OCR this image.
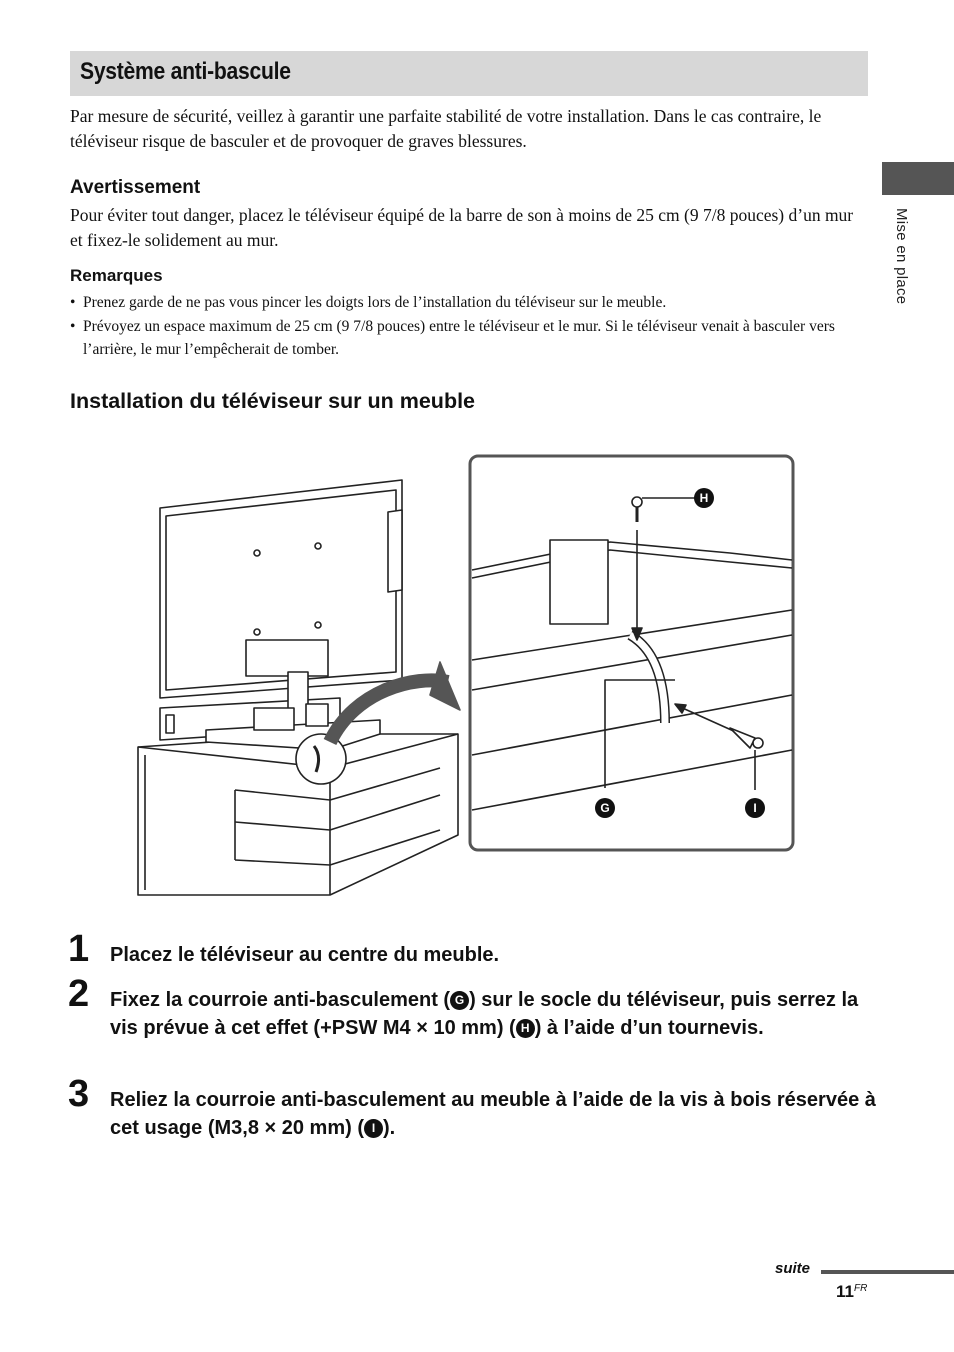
Système anti-bascule
Par mesure de sécurité, veillez à garantir une parfaite stabilité de votre installation. Dans le cas contraire, le téléviseur risque de basculer et de provoquer de graves blessures.
Avertissement
Pour éviter tout danger, placez le téléviseur équipé de la barre de son à moins de 25 cm (9 7/8 pouces) d’un mur et fixez-le solidement au mur.
Remarques
• Prenez garde de ne pas vous pincer les doigts lors de l’installation du téléviseur sur le meuble.
• Prévoyez un espace maximum de 25 cm (9 7/8 pouces) entre le téléviseur et le mur. Si le téléviseur venait à basculer vers l’arrière, le mur l’empêcherait de tomber.
Installation du téléviseur sur un meuble
Mise en place
H
G	I
1 Placez le téléviseur au centre du meuble.
2 Fixez la courroie anti-basculement ( G ) sur le socle du téléviseur, puis serrez la vis prévue à cet effet (+PSW M4 × 10 mm) ( H ) à l’aide d’un tournevis.
3 Reliez la courroie anti-basculement au meuble à l’aide de la vis à bois réservée à cet usage (M3,8 × 20 mm) ( I ).
suite
$11^{FR}$
